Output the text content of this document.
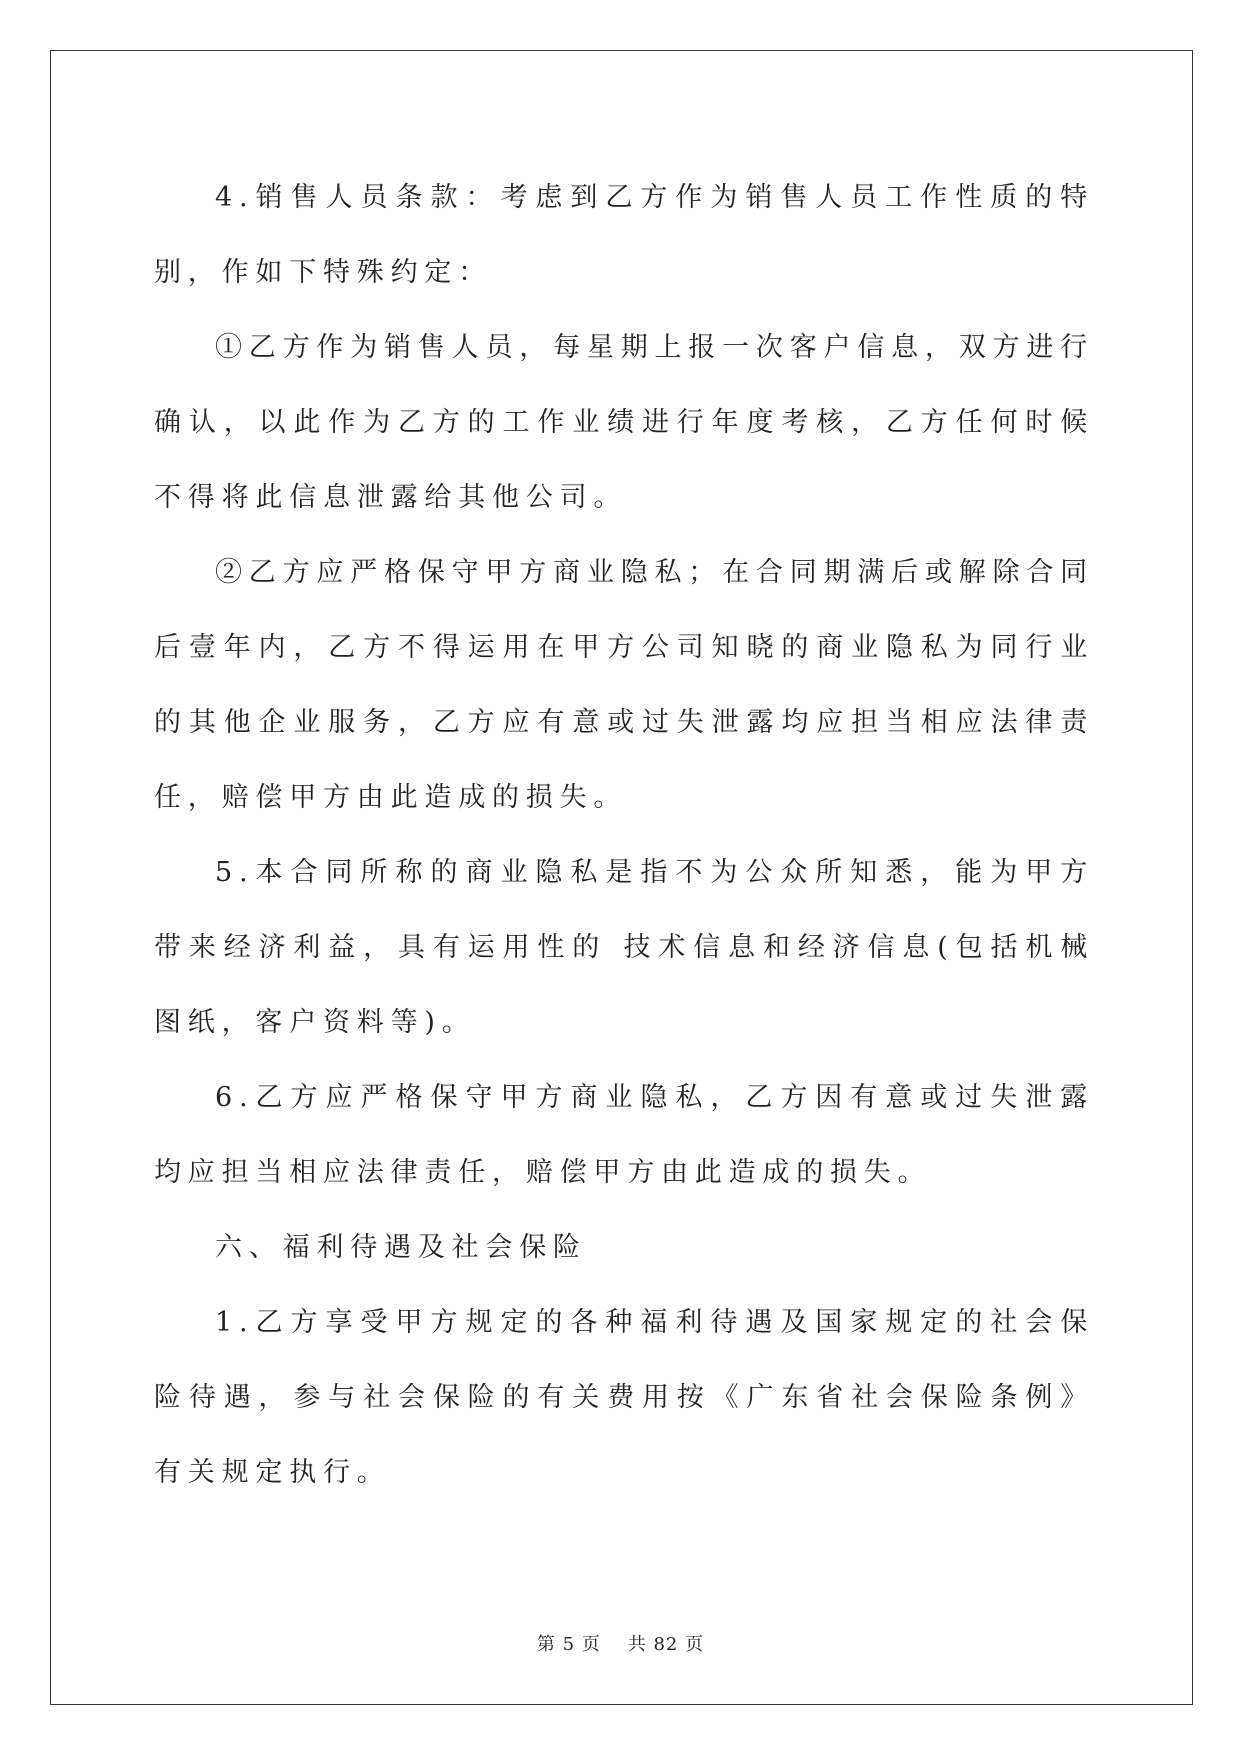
4.销售人员条款：考虑到乙方作为销售人员工作性质的特别，作如下特殊约定：

①乙方作为销售人员，每星期上报一次客户信息，双方进行确认，以此作为乙方的工作业绩进行年度考核，乙方任何时候不得将此信息泄露给其他公司。

②乙方应严格保守甲方商业隐私；在合同期满后或解除合同后壹年内，乙方不得运用在甲方公司知晓的商业隐私为同行业的其他企业服务，乙方应有意或过失泄露均应担当相应法律责任，赔偿甲方由此造成的损失。

5.本合同所称的商业隐私是指不为公众所知悉，能为甲方带来经济利益，具有运用性的 技术信息和经济信息(包括机械图纸，客户资料等)。

6.乙方应严格保守甲方商业隐私，乙方因有意或过失泄露均应担当相应法律责任，赔偿甲方由此造成的损失。

六、福利待遇及社会保险

1.乙方享受甲方规定的各种福利待遇及国家规定的社会保险待遇，参与社会保险的有关费用按《广东省社会保险条例》有关规定执行。

第 5 页 共 82 页
